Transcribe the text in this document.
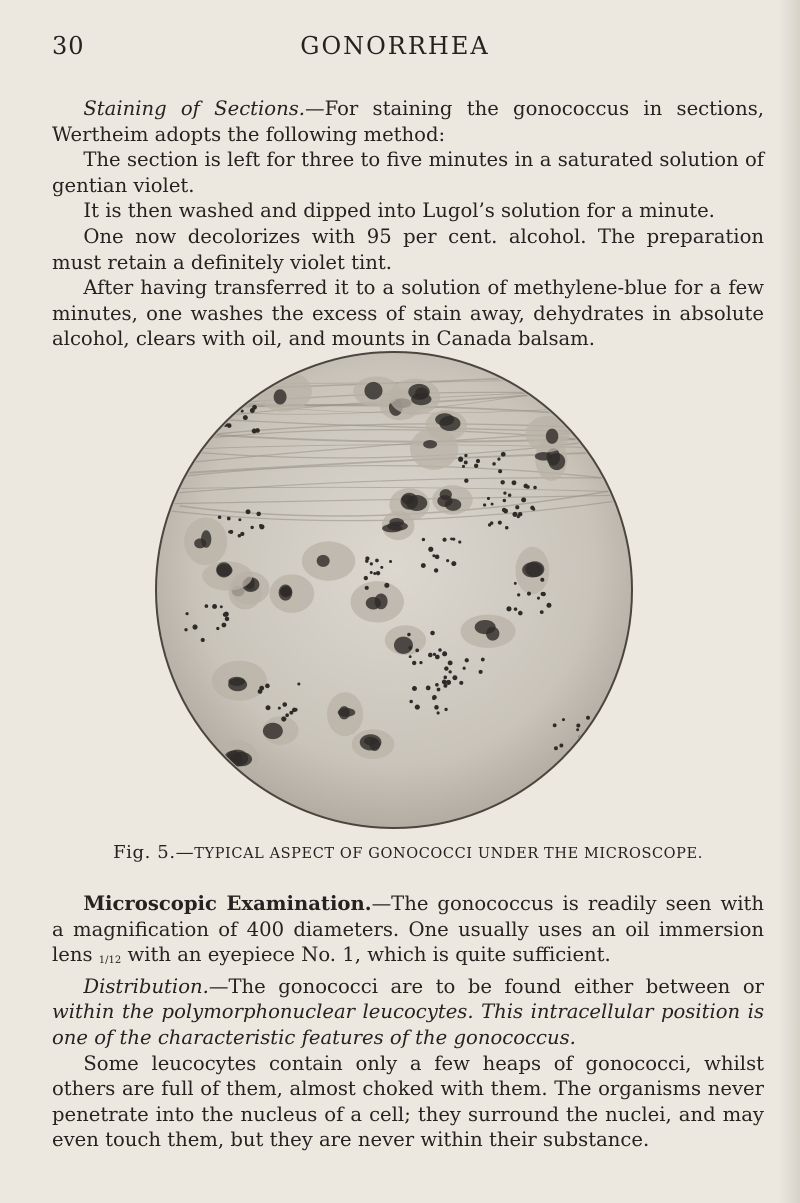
30	GONORRHEA

Staining of Sections.—For staining the gonococcus in sections, Wertheim adopts the following method:

The section is left for three to five minutes in a saturated solution of gentian violet.

It is then washed and dipped into Lugol’s solution for a minute.

One now decolorizes with 95 per cent. alcohol. The preparation must retain a definitely violet tint.

After having transferred it to a solution of methylene-blue for a few minutes, one washes the excess of stain away, dehydrates in absolute alcohol, clears with oil, and mounts in Canada balsam.

Fig. 5.—TYPICAL ASPECT OF GONOCOCCI UNDER THE MICROSCOPE.

Microscopic Examination.—The gonococcus is readily seen with a magnification of 400 diameters. One usually uses an oil immersion lens 1/12 with an eyepiece No. 1, which is quite sufficient.

Distribution.—The gonococci are to be found either between or within the polymorphonuclear leucocytes. This intracellular position is one of the characteristic features of the gonococcus.

Some leucocytes contain only a few heaps of gonococci, whilst others are full of them, almost choked with them. The organisms never penetrate into the nucleus of a cell; they surround the nuclei, and may even touch them, but they are never within their substance.
